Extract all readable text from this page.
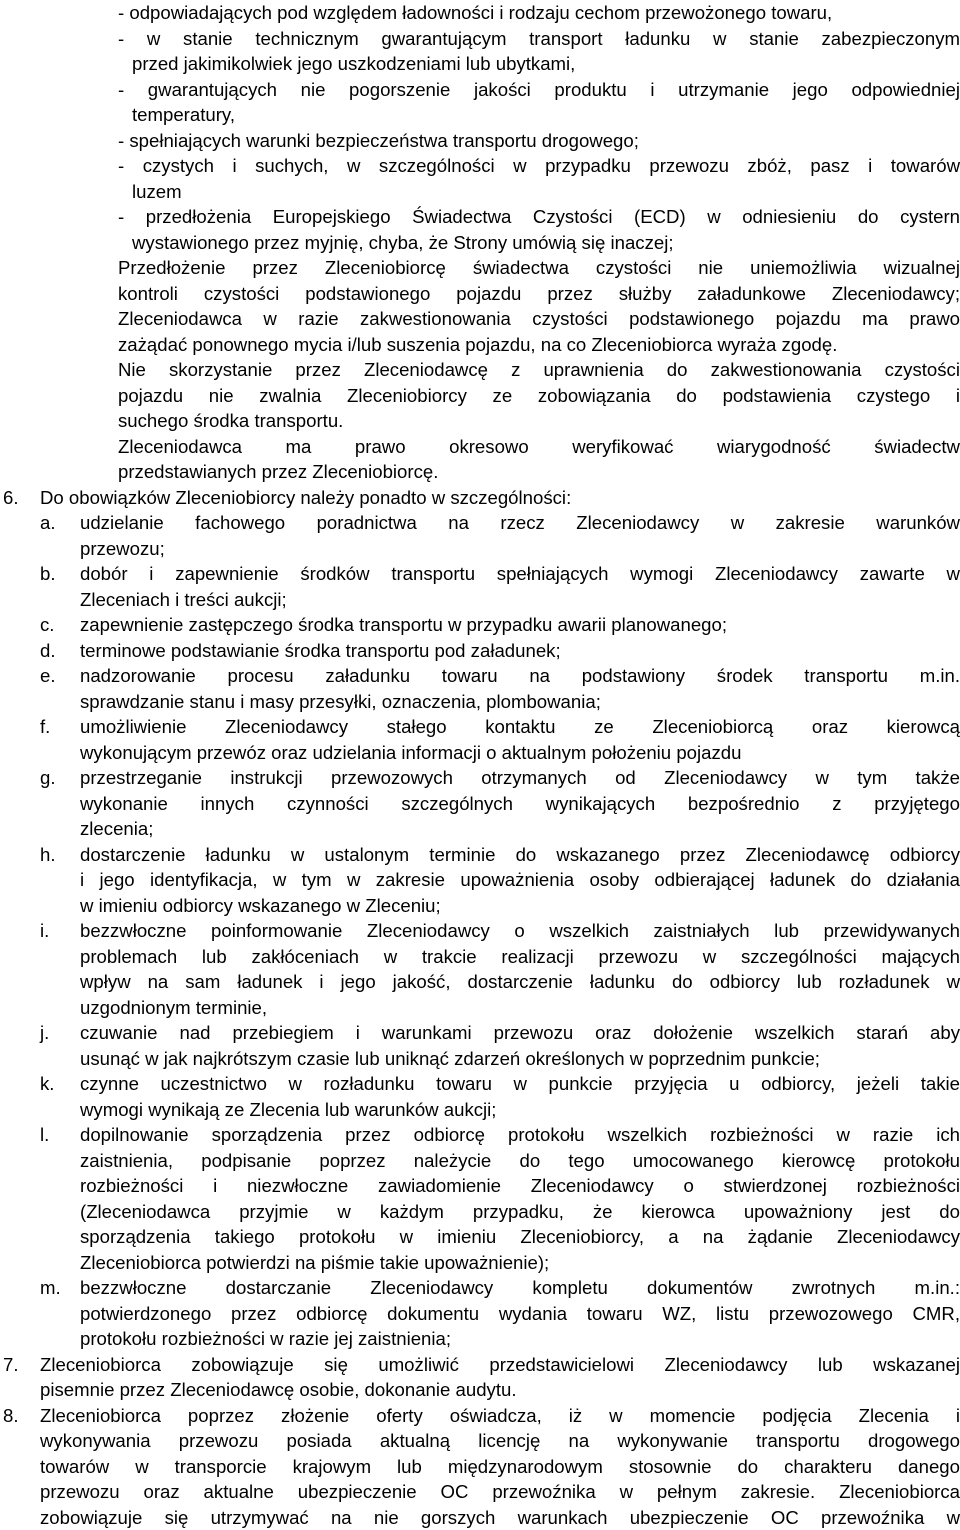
- odpowiadających pod względem ładowności i rodzaju cechom przewożonego towaru,
- w stanie technicznym gwarantującym transport ładunku w stanie zabezpieczonym
przed jakimikolwiek jego uszkodzeniami lub ubytkami,
- gwarantujących nie pogorszenie jakości produktu i utrzymanie jego odpowiedniej
temperatury,
- spełniających warunki bezpieczeństwa transportu drogowego;
- czystych i suchych, w szczególności w przypadku przewozu zbóż, pasz i towarów
luzem
- przedłożenia Europejskiego Świadectwa Czystości (ECD) w odniesieniu do cystern
wystawionego przez myjnię, chyba, że Strony umówią się inaczej;
Przedłożenie przez Zleceniobiorcę świadectwa czystości nie uniemożliwia wizualnej
kontroli czystości podstawionego pojazdu przez służby załadunkowe Zleceniodawcy;
Zleceniodawca w razie zakwestionowania czystości podstawionego pojazdu ma prawo
zażądać ponownego mycia i/lub suszenia pojazdu, na co Zleceniobiorca wyraża zgodę.
Nie skorzystanie przez Zleceniodawcę z uprawnienia do zakwestionowania czystości
pojazdu nie zwalnia Zleceniobiorcy ze zobowiązania do podstawienia czystego i
suchego środka transportu.
Zleceniodawca ma prawo okresowo weryfikować wiarygodność świadectw
przedstawianych przez Zleceniobiorcę.
6. Do obowiązków Zleceniobiorcy należy ponadto w szczególności:
a. udzielanie fachowego poradnictwa na rzecz Zleceniodawcy w zakresie warunków
przewozu;
b. dobór i zapewnienie środków transportu spełniających wymogi Zleceniodawcy zawarte w
Zleceniach i treści aukcji;
c. zapewnienie zastępczego środka transportu w przypadku awarii planowanego;
d. terminowe podstawianie środka transportu pod załadunek;
e. nadzorowanie procesu załadunku towaru na podstawiony środek transportu m.in.
sprawdzanie stanu i masy przesyłki, oznaczenia, plombowania;
f. umożliwienie Zleceniodawcy stałego kontaktu ze Zleceniobiorcą oraz kierowcą
wykonującym przewóz oraz udzielania informacji o aktualnym położeniu pojazdu
g. przestrzeganie instrukcji przewozowych otrzymanych od Zleceniodawcy w tym także
wykonanie innych czynności szczególnych wynikających bezpośrednio z przyjętego
zlecenia;
h. dostarczenie ładunku w ustalonym terminie do wskazanego przez Zleceniodawcę odbiorcy
i jego identyfikacja, w tym w zakresie upoważnienia osoby odbierającej ładunek do działania
w imieniu odbiorcy wskazanego w Zleceniu;
i. bezzwłoczne poinformowanie Zleceniodawcy o wszelkich zaistniałych lub przewidywanych
problemach lub zakłóceniach w trakcie realizacji przewozu w szczególności mających
wpływ na sam ładunek i jego jakość, dostarczenie ładunku do odbiorcy lub rozładunek w
uzgodnionym terminie,
j. czuwanie nad przebiegiem i warunkami przewozu oraz dołożenie wszelkich starań aby
usunąć w jak najkrótszym czasie lub uniknąć zdarzeń określonych w poprzednim punkcie;
k. czynne uczestnictwo w rozładunku towaru w punkcie przyjęcia u odbiorcy, jeżeli takie
wymogi wynikają ze Zlecenia lub warunków aukcji;
l. dopilnowanie sporządzenia przez odbiorcę protokołu wszelkich rozbieżności w razie ich
zaistnienia, podpisanie poprzez należycie do tego umocowanego kierowcę protokołu
rozbieżności i niezwłoczne zawiadomienie Zleceniodawcy o stwierdzonej rozbieżności
(Zleceniodawca przyjmie w każdym przypadku, że kierowca upoważniony jest do
sporządzenia takiego protokołu w imieniu Zleceniobiorcy, a na żądanie Zleceniodawcy
Zleceniobiorca potwierdzi na piśmie takie upoważnienie);
m. bezzwłoczne dostarczanie Zleceniodawcy kompletu dokumentów zwrotnych m.in.:
potwierdzonego przez odbiorcę dokumentu wydania towaru WZ, listu przewozowego CMR,
protokołu rozbieżności w razie jej zaistnienia;
7. Zleceniobiorca zobowiązuje się umożliwić przedstawicielowi Zleceniodawcy lub wskazanej
pisemnie przez Zleceniodawcę osobie, dokonanie audytu.
8. Zleceniobiorca poprzez złożenie oferty oświadcza, iż w momencie podjęcia Zlecenia i
wykonywania przewozu posiada aktualną licencję na wykonywanie transportu drogowego
towarów w transporcie krajowym lub międzynarodowym stosownie do charakteru danego
przewozu oraz aktualne ubezpieczenie OC przewoźnika w pełnym zakresie. Zleceniobiorca
zobowiązuje się utrzymywać na nie gorszych warunkach ubezpieczenie OC przewoźnika w
